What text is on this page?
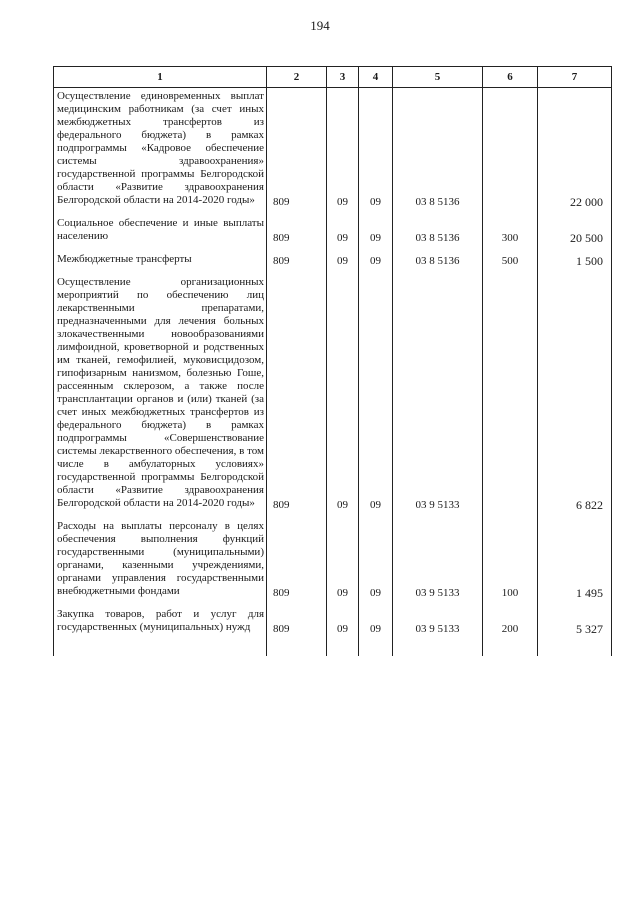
194
1	2	3	4	5	6	7
Осуществление единовременных выплат медицинским работникам (за счет иных межбюджетных трансфертов из федерального бюджета) в рамках подпрограммы «Кадровое обеспечение системы здравоохранения» государственной программы Белгородской области «Развитие здравоохранения Белгородской области на 2014-2020 годы»	809	09	09	03 8 5136		22 000

Социальное обеспечение и иные выплаты населению	809	09	09	03 8 5136	300	20 500

Межбюджетные трансферты	809	09	09	03 8 5136	500	1 500

Осуществление организационных мероприятий по обеспечению лиц лекарственными препаратами, предназначенными для лечения больных злокачественными новообразованиями лимфоидной, кроветворной и родственных им тканей, гемофилией, муковисцидозом, гипофизарным нанизмом, болезнью Гоше, рассеянным склерозом, а также после трансплантации органов и (или) тканей (за счет иных межбюджетных трансфертов из федерального бюджета) в рамках подпрограммы «Совершенствование системы лекарственного обеспечения, в том числе в амбулаторных условиях» государственной программы Белгородской области «Развитие здравоохранения Белгородской области на 2014-2020 годы»	809	09	09	03 9 5133		6 822

Расходы на выплаты персоналу в целях обеспечения выполнения функций государственными (муниципальными) органами, казенными учреждениями, органами управления государственными внебюджетными фондами	809	09	09	03 9 5133	100	1 495

Закупка товаров, работ и услуг для государственных (муниципальных) нужд	809	09	09	03 9 5133	200	5 327
